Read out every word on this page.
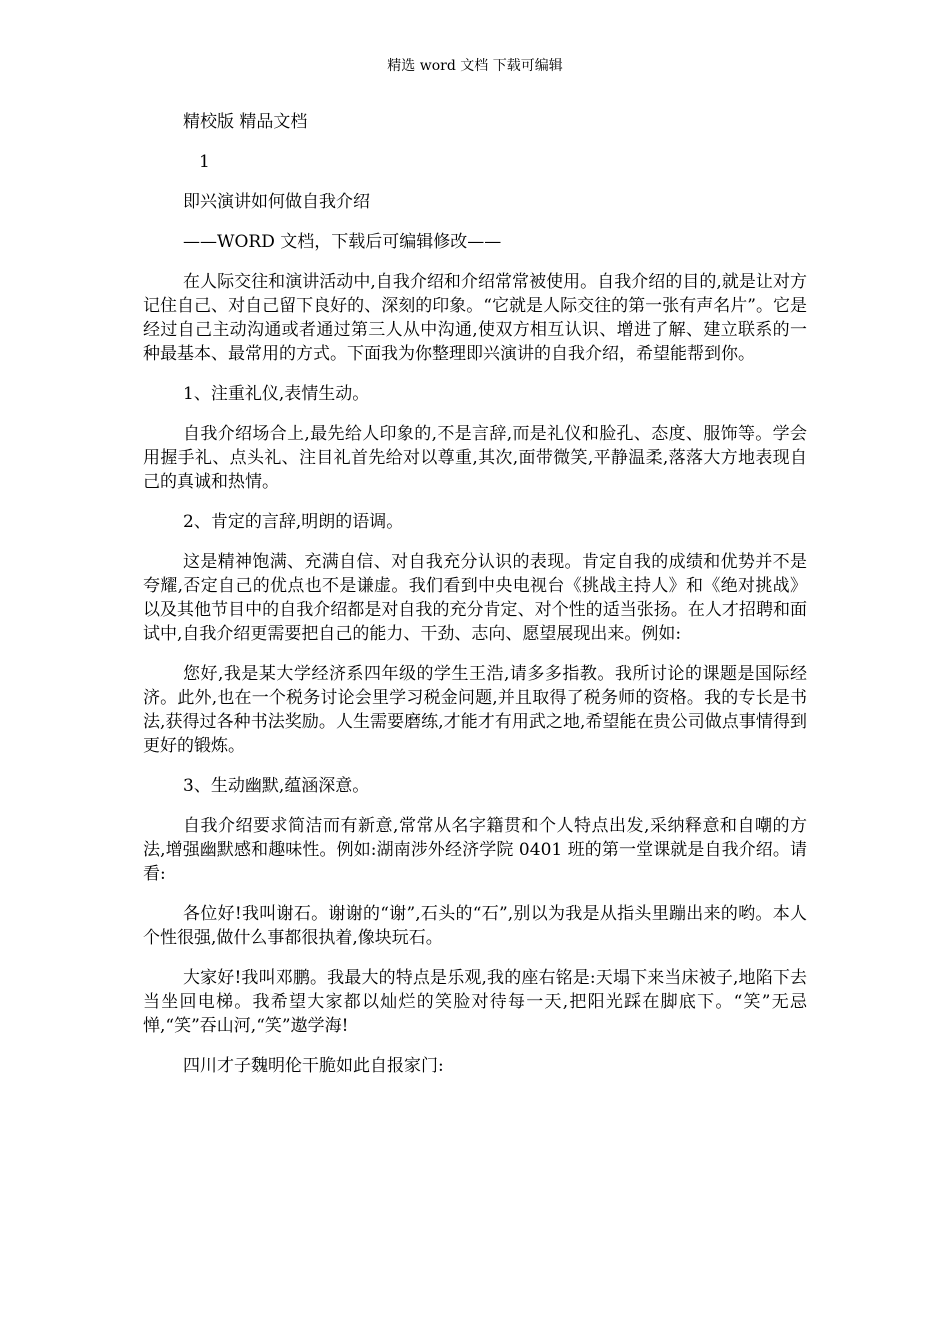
精选 word 文档 下载可编辑

精校版 精品文档

1

即兴演讲如何做自我介绍

——WORD 文档，下载后可编辑修改——

在人际交往和演讲活动中,自我介绍和介绍常常被使用。自我介绍的目的,就是让对方记住自己、对自己留下良好的、深刻的印象。“它就是人际交往的第一张有声名片”。它是经过自己主动沟通或者通过第三人从中沟通,使双方相互认识、增进了解、建立联系的一种最基本、最常用的方式。下面我为你整理即兴演讲的自我介绍，希望能帮到你。

1、注重礼仪,表情生动。

自我介绍场合上,最先给人印象的,不是言辞,而是礼仪和脸孔、态度、服饰等。学会用握手礼、点头礼、注目礼首先给对以尊重,其次,面带微笑,平静温柔,落落大方地表现自己的真诚和热情。

2、肯定的言辞,明朗的语调。

这是精神饱满、充满自信、对自我充分认识的表现。肯定自我的成绩和优势并不是夸耀,否定自己的优点也不是谦虚。我们看到中央电视台《挑战主持人》和《绝对挑战》以及其他节目中的自我介绍都是对自我的充分肯定、对个性的适当张扬。在人才招聘和面试中,自我介绍更需要把自己的能力、干劲、志向、愿望展现出来。例如:

您好,我是某大学经济系四年级的学生王浩,请多多指教。我所讨论的课题是国际经济。此外,也在一个税务讨论会里学习税金问题,并且取得了税务师的资格。我的专长是书法,获得过各种书法奖励。人生需要磨练,才能才有用武之地,希望能在贵公司做点事情得到更好的锻炼。

3、生动幽默,蕴涵深意。

自我介绍要求简洁而有新意,常常从名字籍贯和个人特点出发,采纳释意和自嘲的方法,增强幽默感和趣味性。例如:湖南涉外经济学院 0401 班的第一堂课就是自我介绍。请看:

各位好!我叫谢石。谢谢的“谢”,石头的“石”,别以为我是从指头里蹦出来的哟。本人个性很强,做什么事都很执着,像块玩石。

大家好!我叫邓鹏。我最大的特点是乐观,我的座右铭是:天塌下来当床被子,地陷下去当坐回电梯。我希望大家都以灿烂的笑脸对待每一天,把阳光踩在脚底下。“笑”无忌惮,“笑”吞山河,“笑”遨学海!

四川才子魏明伦干脆如此自报家门:
